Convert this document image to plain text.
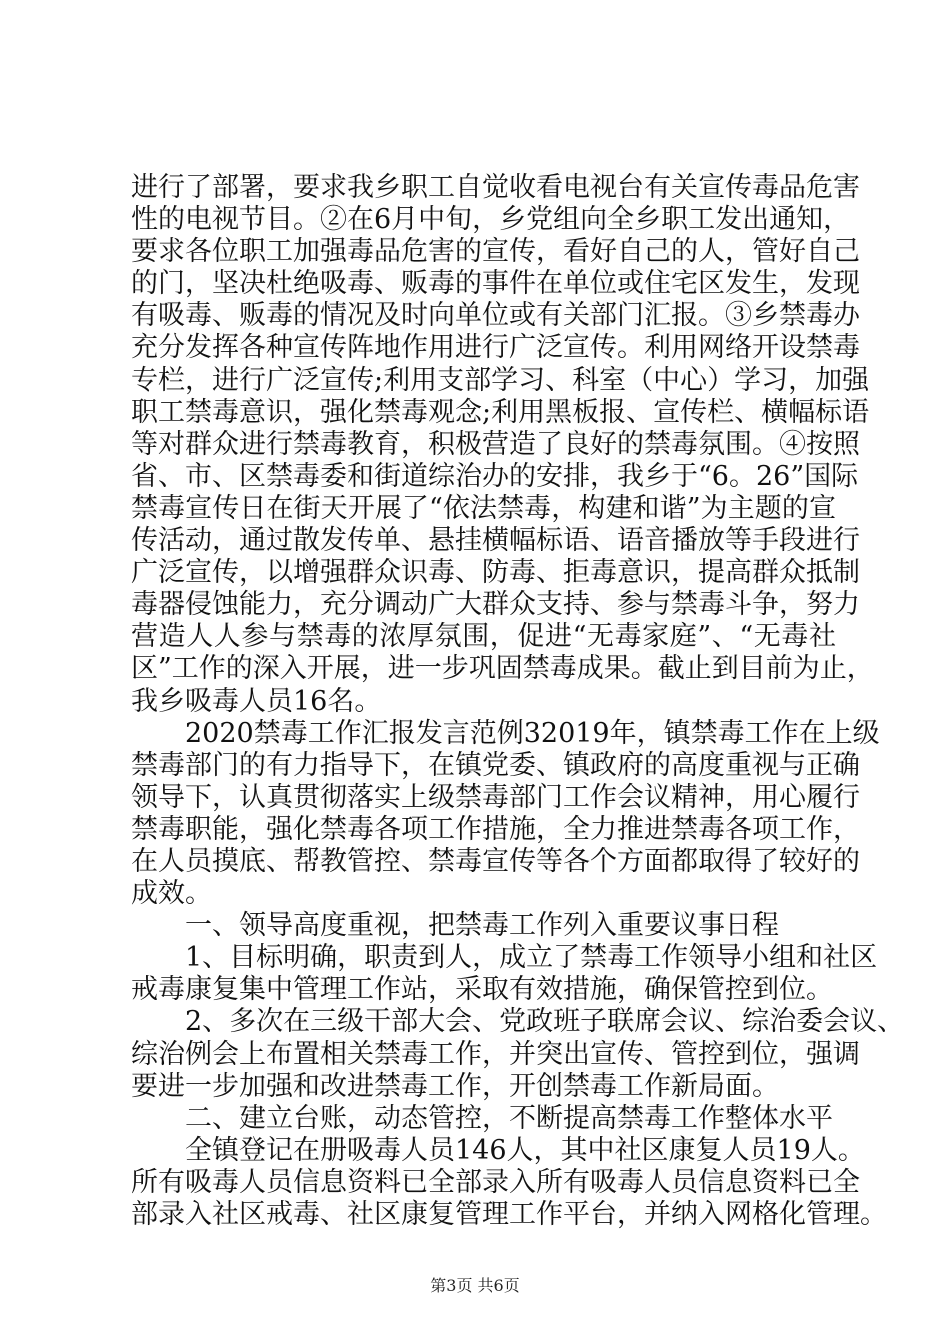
进行了部署，要求我乡职工自觉收看电视台有关宣传毒品危害
性的电视节目。②在6月中旬，乡党组向全乡职工发出通知，
要求各位职工加强毒品危害的宣传，看好自己的人，管好自己
的门，坚决杜绝吸毒、贩毒的事件在单位或住宅区发生，发现
有吸毒、贩毒的情况及时向单位或有关部门汇报。③乡禁毒办
充分发挥各种宣传阵地作用进行广泛宣传。利用网络开设禁毒
专栏，进行广泛宣传;利用支部学习、科室（中心）学习，加强
职工禁毒意识，强化禁毒观念;利用黑板报、宣传栏、横幅标语
等对群众进行禁毒教育，积极营造了良好的禁毒氛围。④按照
省、市、区禁毒委和街道综治办的安排，我乡于“6。26”国际
禁毒宣传日在街天开展了“依法禁毒，构建和谐”为主题的宣
传活动，通过散发传单、悬挂横幅标语、语音播放等手段进行
广泛宣传，以增强群众识毒、防毒、拒毒意识，提高群众抵制
毒器侵蚀能力，充分调动广大群众支持、参与禁毒斗争，努力
营造人人参与禁毒的浓厚氛围，促进“无毒家庭”、“无毒社
区”工作的深入开展，进一步巩固禁毒成果。截止到目前为止，
我乡吸毒人员16名。
2020禁毒工作汇报发言范例32019年，镇禁毒工作在上级
禁毒部门的有力指导下，在镇党委、镇政府的高度重视与正确
领导下，认真贯彻落实上级禁毒部门工作会议精神，用心履行
禁毒职能，强化禁毒各项工作措施，全力推进禁毒各项工作，
在人员摸底、帮教管控、禁毒宣传等各个方面都取得了较好的
成效。
一、领导高度重视，把禁毒工作列入重要议事日程
1、目标明确，职责到人，成立了禁毒工作领导小组和社区
戒毒康复集中管理工作站，采取有效措施，确保管控到位。
2、多次在三级干部大会、党政班子联席会议、综治委会议、
综治例会上布置相关禁毒工作，并突出宣传、管控到位，强调
要进一步加强和改进禁毒工作，开创禁毒工作新局面。
二、建立台账，动态管控，不断提高禁毒工作整体水平
全镇登记在册吸毒人员146人，其中社区康复人员19人。
所有吸毒人员信息资料已全部录入所有吸毒人员信息资料已全
部录入社区戒毒、社区康复管理工作平台，并纳入网格化管理。
第3页 共6页
